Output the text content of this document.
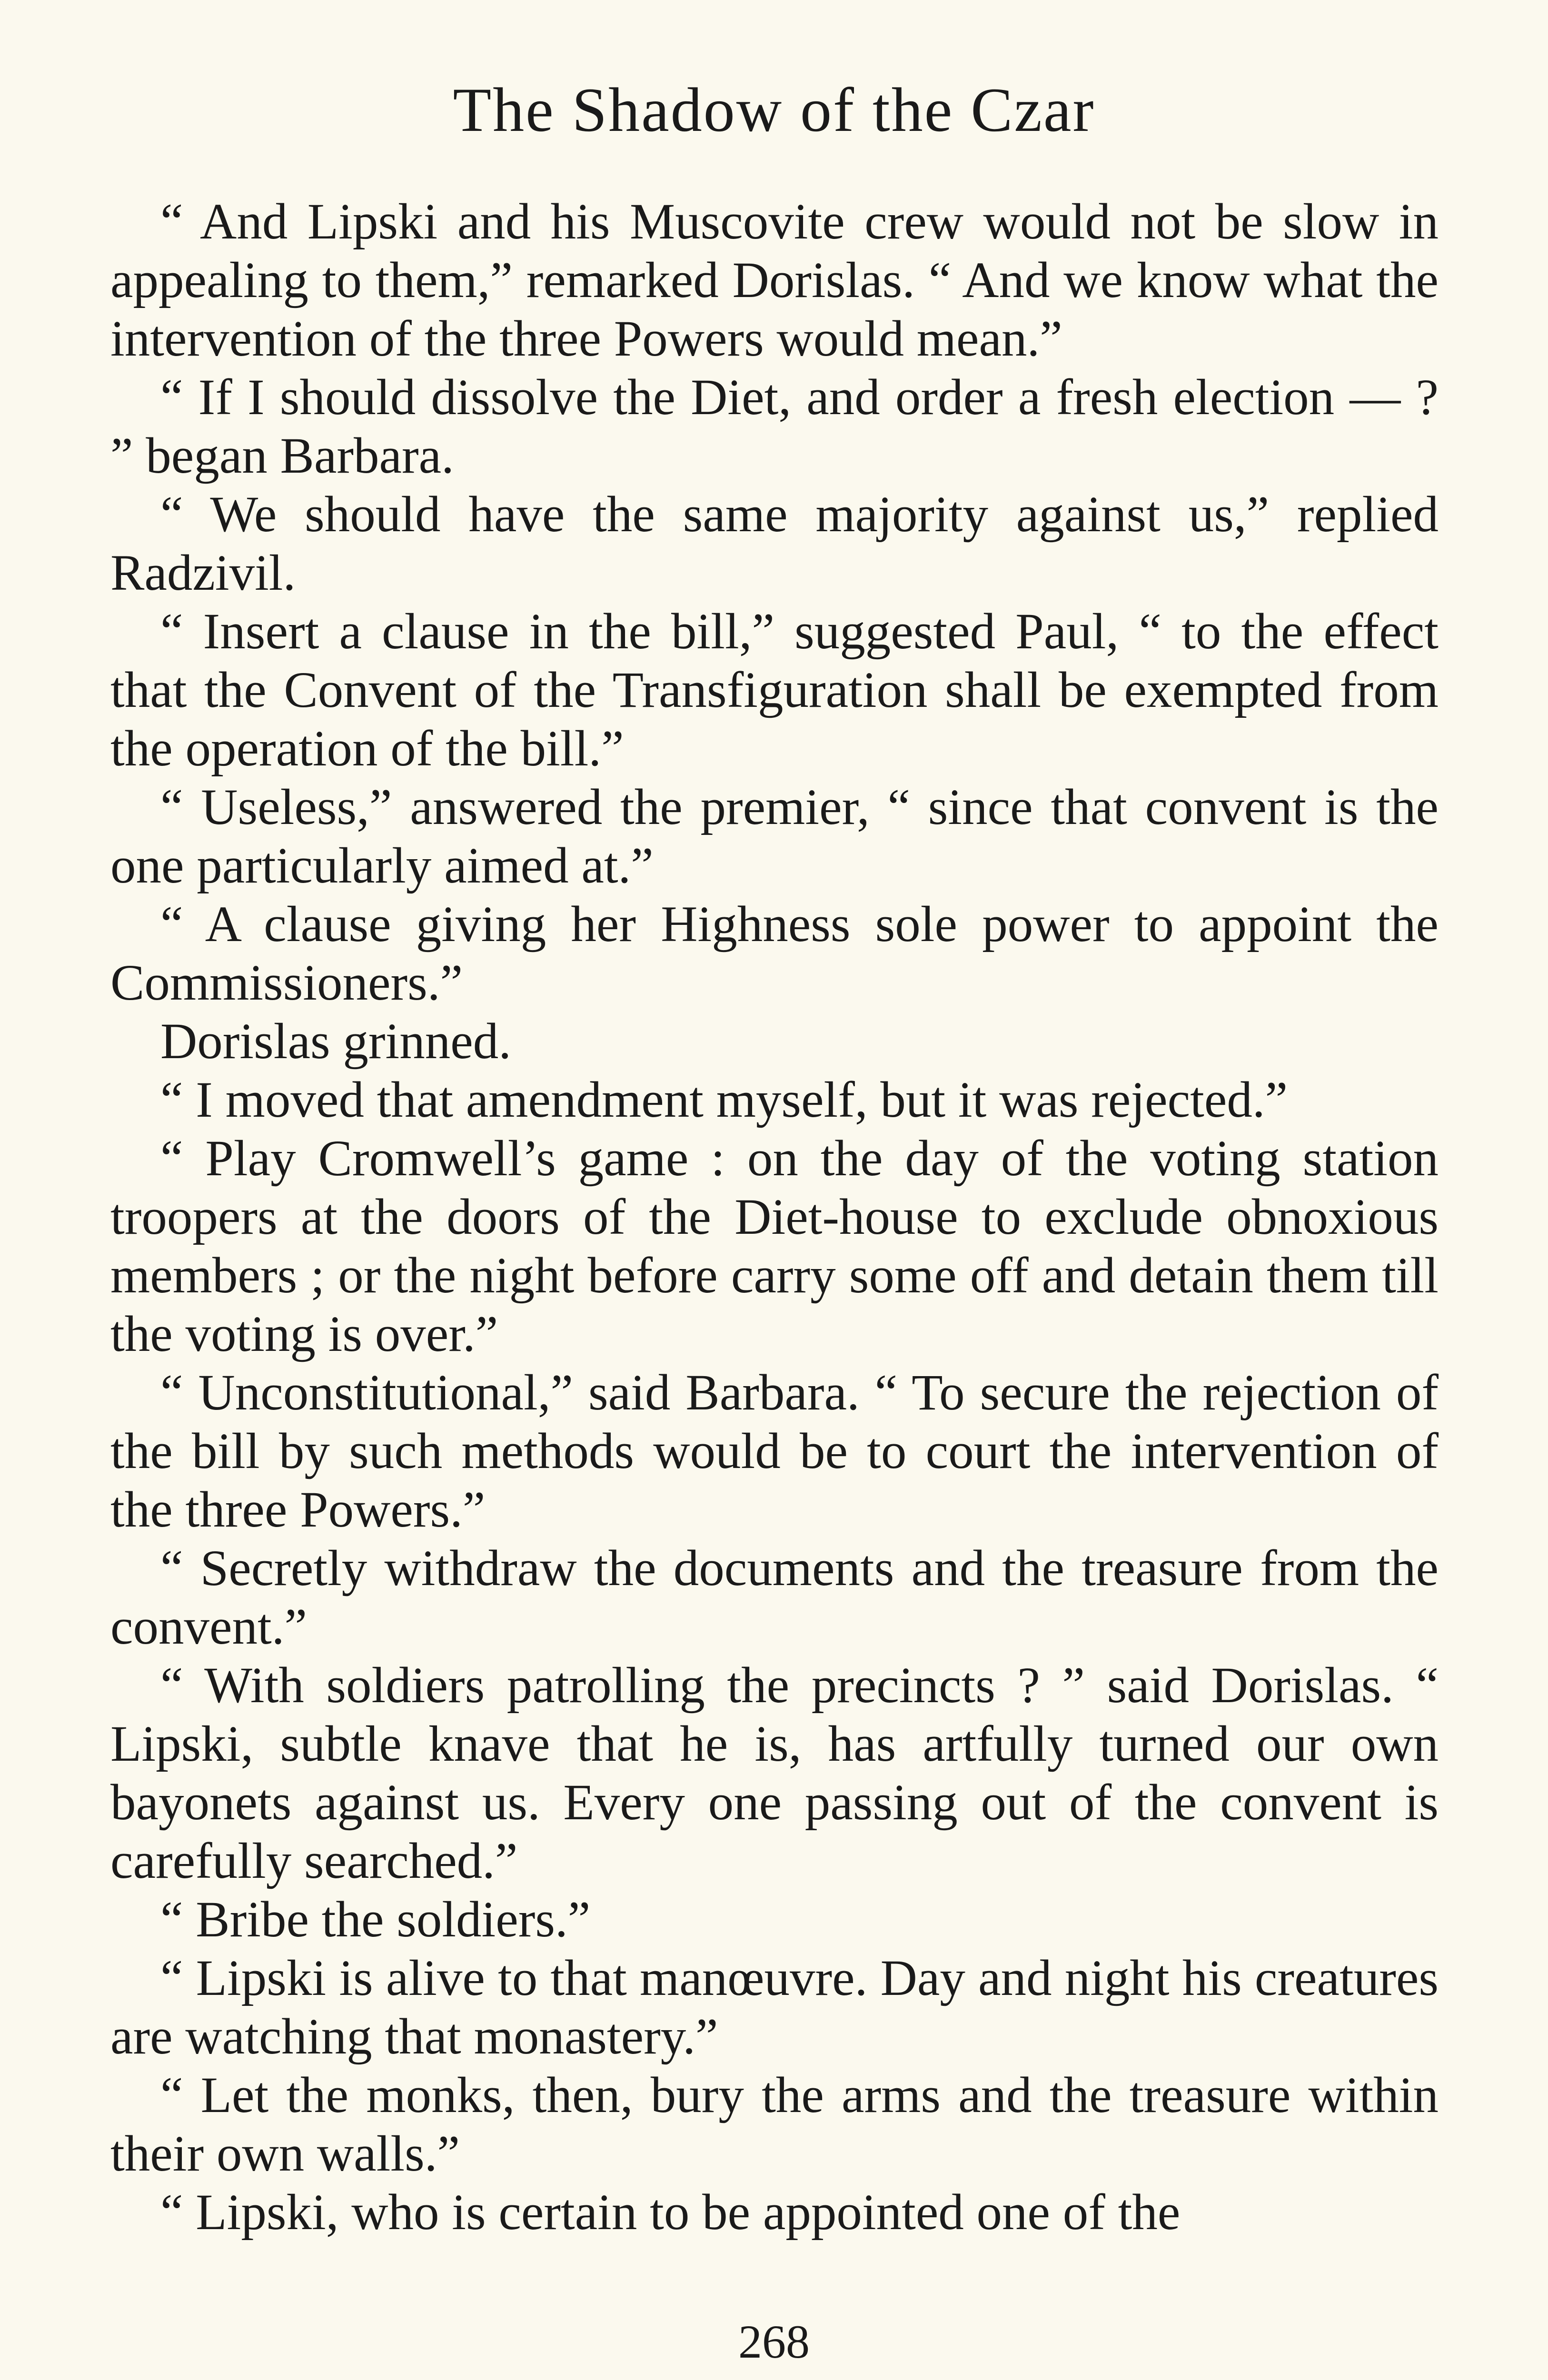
The Shadow of the Czar

“ And Lipski and his Muscovite crew would not be slow in appealing to them,” remarked Dorislas. “ And we know what the intervention of the three Powers would mean.”

“ If I should dissolve the Diet, and order a fresh election — ? ” began Barbara.

“ We should have the same majority against us,” replied Radzivil.

“ Insert a clause in the bill,” suggested Paul, “ to the effect that the Convent of the Transfiguration shall be exempted from the operation of the bill.”

“ Useless,” answered the premier, “ since that convent is the one particularly aimed at.”

“ A clause giving her Highness sole power to appoint the Commissioners.”

Dorislas grinned.

“ I moved that amendment myself, but it was rejected.”

“ Play Cromwell’s game : on the day of the voting station troopers at the doors of the Diet-house to exclude obnoxious members ; or the night before carry some off and detain them till the voting is over.”

“ Unconstitutional,” said Barbara. “ To secure the rejection of the bill by such methods would be to court the intervention of the three Powers.”

“ Secretly withdraw the documents and the treasure from the convent.”

“ With soldiers patrolling the precincts ? ” said Dorislas. “ Lipski, subtle knave that he is, has artfully turned our own bayonets against us. Every one passing out of the convent is carefully searched.”

“ Bribe the soldiers.”

“ Lipski is alive to that manœuvre. Day and night his creatures are watching that monastery.”

“ Let the monks, then, bury the arms and the treasure within their own walls.”

“ Lipski, who is certain to be appointed one of the

268
